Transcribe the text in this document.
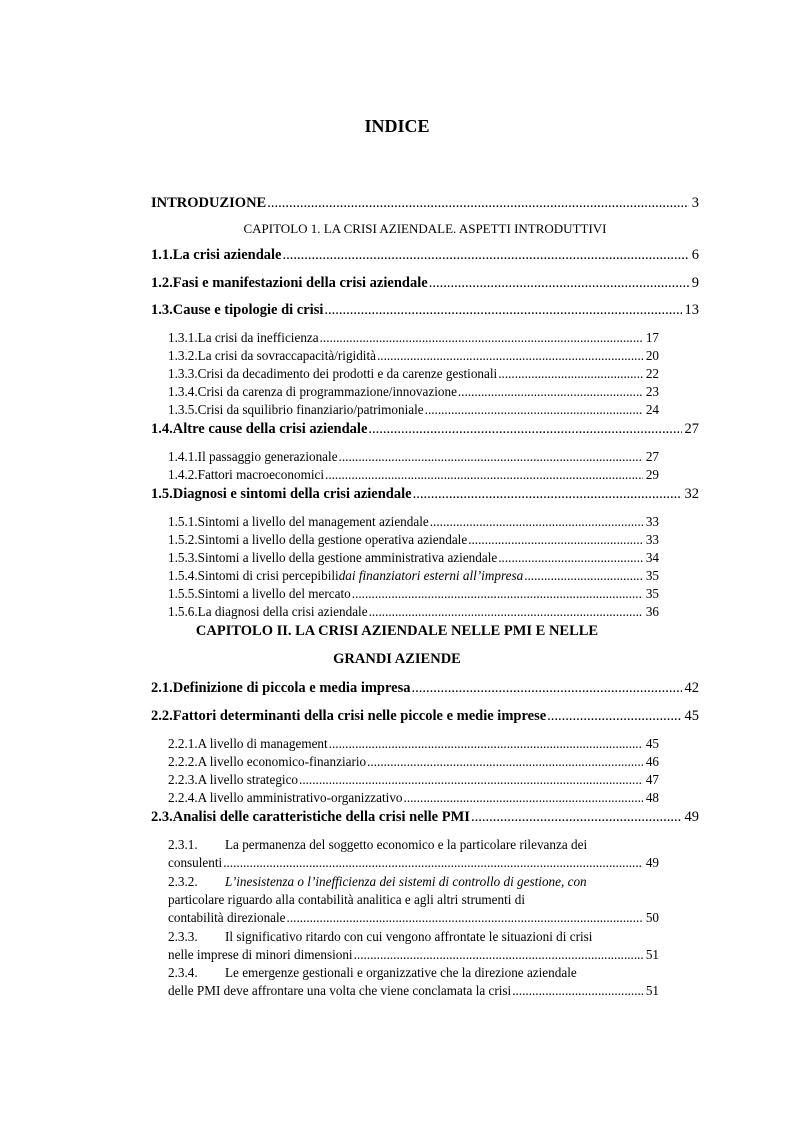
INDICE
INTRODUZIONE .....	3
CAPITOLO 1. LA CRISI AZIENDALE. ASPETTI INTRODUTTIVI
1.1. La crisi aziendale .....	6
1.2. Fasi e manifestazioni della crisi aziendale .....	9
1.3. Cause e tipologie di crisi .....	13
1.3.1. La crisi da inefficienza .....	17
1.3.2. La crisi da sovraccapacità/rigidità .....	20
1.3.3. Crisi da decadimento dei prodotti e da carenze gestionali .....	22
1.3.4. Crisi da carenza di programmazione/innovazione .....	23
1.3.5. Crisi da squilibrio finanziario/patrimoniale .....	24
1.4. Altre cause della crisi aziendale .....	27
1.4.1. Il passaggio generazionale .....	27
1.4.2. Fattori macroeconomici .....	29
1.5. Diagnosi e sintomi della crisi aziendale .....	32
1.5.1. Sintomi a livello del management aziendale .....	33
1.5.2. Sintomi a livello della gestione operativa aziendale .....	33
1.5.3. Sintomi a livello della gestione amministrativa aziendale .....	34
1.5.4. Sintomi di crisi percepibili dai finanziatori esterni all’impresa .....	35
1.5.5. Sintomi a livello del mercato .....	35
1.5.6. La diagnosi della crisi aziendale .....	36
CAPITOLO II. LA CRISI AZIENDALE NELLE PMI E NELLE
GRANDI AZIENDE
2.1. Definizione di piccola e media impresa .....	42
2.2. Fattori determinanti della crisi nelle piccole e medie imprese .....	45
2.2.1. A livello di management .....	45
2.2.2. A livello economico-finanziario .....	46
2.2.3. A livello strategico .....	47
2.2.4. A livello amministrativo-organizzativo .....	48
2.3. Analisi delle caratteristiche della crisi nelle PMI .....	49
2.3.1.	La permanenza del soggetto economico e la particolare rilevanza dei
consulenti .....	49
2.3.2.	L’inesistenza o l’inefficienza dei sistemi di controllo di gestione, con
particolare riguardo alla contabilità analitica e agli altri strumenti di
contabilità direzionale .....	50
2.3.3.	Il significativo ritardo con cui vengono affrontate le situazioni di crisi
nelle imprese di minori dimensioni .....	51
2.3.4.	Le emergenze gestionali e organizzative che la direzione aziendale
delle PMI deve affrontare una volta che viene conclamata la crisi .....	51
